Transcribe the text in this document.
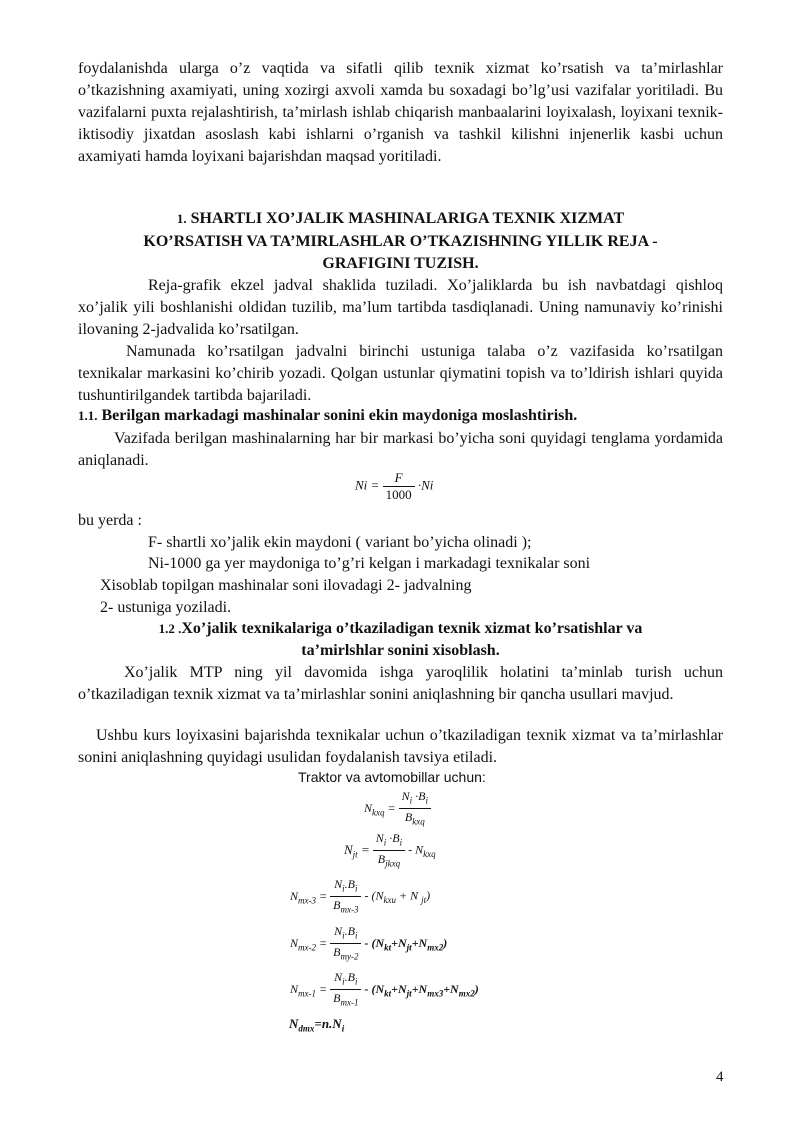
foydalanishda ularga o’z vaqtida va sifatli qilib texnik xizmat ko’rsatish va ta’mirlashlar o’tkazishning axamiyati, uning xozirgi axvoli xamda bu soxadagi bo’lg’usi vazifalar yoritiladi. Bu vazifalarni puxta rejalashtirish, ta’mirlash ishlab chiqarish manbaalarini loyixalash, loyixani texnik- iktisodiy jixatdan asoslash kabi ishlarni o’rganish va tashkil kilishni injenerlik kasbi uchun axamiyati hamda loyixani bajarishdan maqsad yoritiladi.
1. SHARTLI XO’JALIK MASHINALARIGA TEXNIK XIZMAT
KO’RSATISH VA TA’MIRLASHLAR O’TKAZISHNING YILLIK REJA -
GRAFIGINI TUZISH.
Reja-grafik ekzel jadval shaklida tuziladi. Xo’jaliklarda bu ish navbatdagi qishloq xo’jalik yili boshlanishi oldidan tuzilib, ma’lum tartibda tasdiqlanadi. Uning namunaviy ko’rinishi ilovaning 2-jadvalida ko’rsatilgan.
Namunada ko’rsatilgan jadvalni birinchi ustuniga talaba o’z vazifasida ko’rsatilgan texnikalar markasini ko’chirib yozadi. Qolgan ustunlar qiymatini topish va to’ldirish ishlari quyida tushuntirilgandek tartibda bajariladi.
1.1. Berilgan markadagi mashinalar sonini ekin maydoniga moslashtirish.
Vazifada berilgan mashinalarning har bir markasi bo’yicha soni quyidagi tenglama yordamida aniqlanadi.
$Ni = \frac{F}{1000} \cdot Ni$
bu yerda :
F- shartli xo’jalik ekin maydoni ( variant bo’yicha olinadi );
Ni-1000 ga yer maydoniga to’g’ri kelgan i markadagi texnikalar soni
Xisoblab topilgan mashinalar soni ilovadagi 2- jadvalning
2- ustuniga yoziladi.
1.2 .Xo’jalik texnikalariga o’tkaziladigan texnik xizmat ko’rsatishlar va
ta’mirlshlar sonini xisoblash.
Xo’jalik MTP ning yil davomida ishga yaroqlilik holatini ta’minlab turish uchun o’tkaziladigan texnik xizmat va ta’mirlashlar sonini aniqlashning bir qancha usullari mavjud.
Ushbu kurs loyixasini bajarishda texnikalar uchun o’tkaziladigan texnik xizmat va ta’mirlashlar sonini aniqlashning quyidagi usulidan foydalanish tavsiya etiladi.
Traktor va avtomobillar uchun:
$N_{kxq} = \frac{N_i \cdot B_i}{B_{kxq}}$
$N_{jt} = \frac{N_i \cdot B_i}{B_{jkxq}} - N_{kxq}$
$N_{mx-3} = \frac{N_i.B_i}{B_{mx-3}} - (N_{kxu} + N$ $_{jt}$)
$N_{mx-2} = \frac{N_i.B_i}{B_{my-2}} - (N_{kt}+N_{jt}+N_{mx2})$
$N_{mx-1} = \frac{N_i.B_i}{B_{mx-1}} - (N_{kt}+N_{jt}+N_{mx3}+N_{mx2})$
$N_{dmx}=n.N_i$
4
